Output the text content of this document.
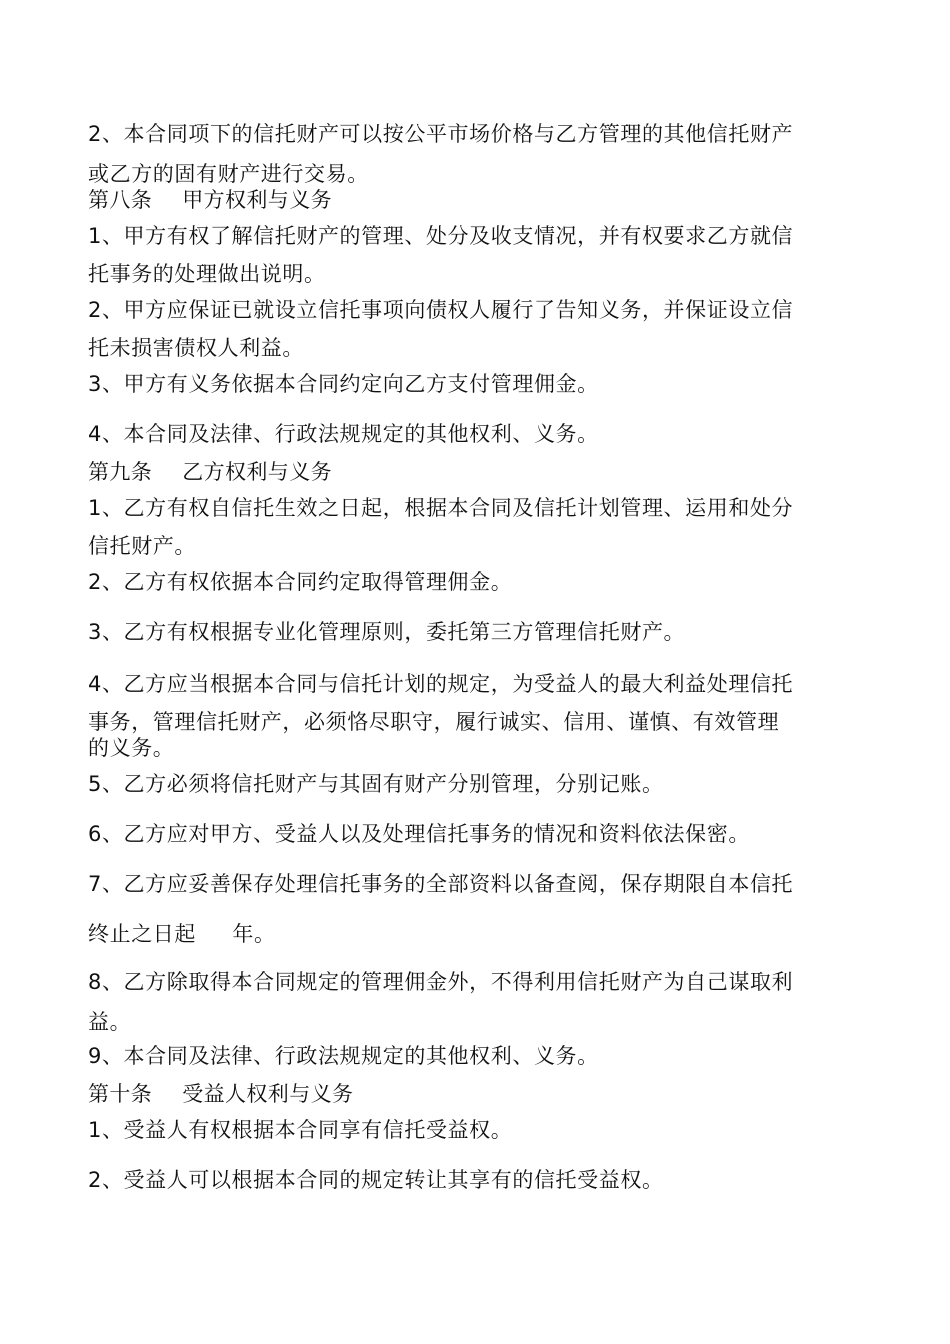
2、本合同项下的信托财产可以按公平市场价格与乙方管理的其他信托财产
或乙方的固有财产进行交易。
第八条 甲方权利与义务
1、甲方有权了解信托财产的管理、处分及收支情况，并有权要求乙方就信
托事务的处理做出说明。
2、甲方应保证已就设立信托事项向债权人履行了告知义务，并保证设立信
托未损害债权人利益。
3、甲方有义务依据本合同约定向乙方支付管理佣金。
4、本合同及法律、行政法规规定的其他权利、义务。
第九条 乙方权利与义务
1、乙方有权自信托生效之日起，根据本合同及信托计划管理、运用和处分
信托财产。
2、乙方有权依据本合同约定取得管理佣金。
3、乙方有权根据专业化管理原则，委托第三方管理信托财产。
4、乙方应当根据本合同与信托计划的规定，为受益人的最大利益处理信托
事务，管理信托财产，必须恪尽职守，履行诚实、信用、谨慎、有效管理
的义务。
5、乙方必须将信托财产与其固有财产分别管理，分别记账。
6、乙方应对甲方、受益人以及处理信托事务的情况和资料依法保密。
7、乙方应妥善保存处理信托事务的全部资料以备查阅，保存期限自本信托
终止之日起     年。
8、乙方除取得本合同规定的管理佣金外，不得利用信托财产为自己谋取利
益。
9、本合同及法律、行政法规规定的其他权利、义务。
第十条 受益人权利与义务
1、受益人有权根据本合同享有信托受益权。
2、受益人可以根据本合同的规定转让其享有的信托受益权。
